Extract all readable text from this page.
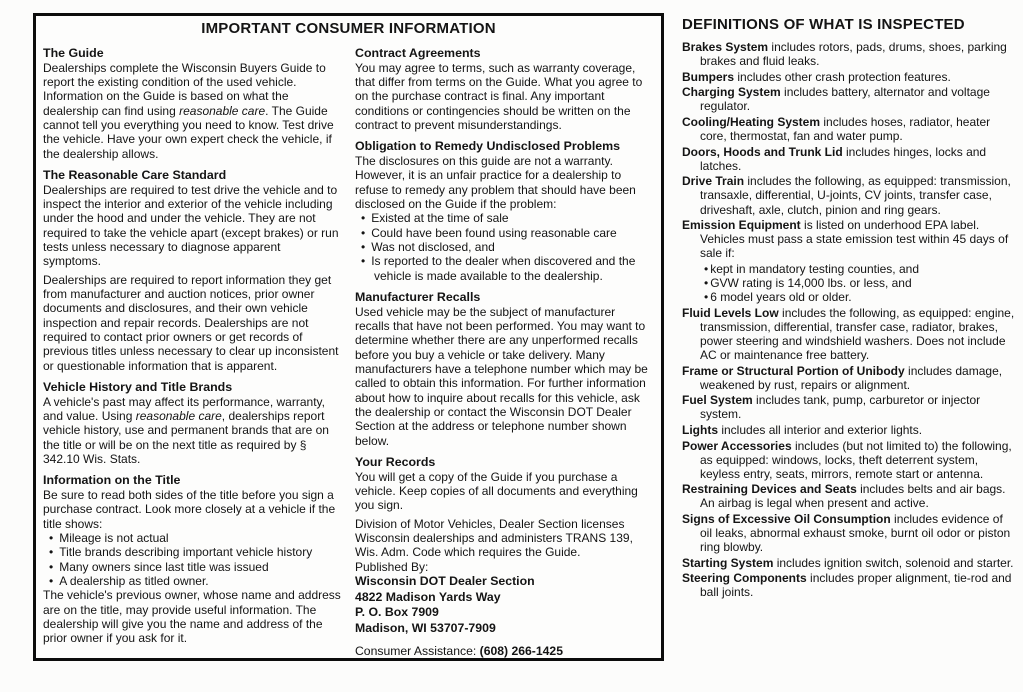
IMPORTANT CONSUMER INFORMATION
The Guide

Dealerships complete the Wisconsin Buyers Guide to report the existing condition of the used vehicle. Information on the Guide is based on what the dealership can find using reasonable care. The Guide cannot tell you everything you need to know. Test drive the vehicle. Have your own expert check the vehicle, if the dealership allows.

The Reasonable Care Standard

Dealerships are required to test drive the vehicle and to inspect the interior and exterior of the vehicle including under the hood and under the vehicle. They are not required to take the vehicle apart (except brakes) or run tests unless necessary to diagnose apparent symptoms.

Dealerships are required to report information they get from manufacturer and auction notices, prior owner documents and disclosures, and their own vehicle inspection and repair records. Dealerships are not required to contact prior owners or get records of previous titles unless necessary to clear up inconsistent or questionable information that is apparent.

Vehicle History and Title Brands

A vehicle's past may affect its performance, warranty, and value. Using reasonable care, dealerships report vehicle history, use and permanent brands that are on the title or will be on the next title as required by § 342.10 Wis. Stats.

Information on the Title

Be sure to read both sides of the title before you sign a purchase contract. Look more closely at a vehicle if the title shows:

• Mileage is not actual
• Title brands describing important vehicle history
• Many owners since last title was issued
• A dealership as titled owner.

The vehicle's previous owner, whose name and address are on the title, may provide useful information. The dealership will give you the name and address of the prior owner if you ask for it.

Contract Agreements

You may agree to terms, such as warranty coverage, that differ from terms on the Guide. What you agree to on the purchase contract is final. Any important conditions or contingencies should be written on the contract to prevent misunderstandings.

Obligation to Remedy Undisclosed Problems

The disclosures on this guide are not a warranty. However, it is an unfair practice for a dealership to refuse to remedy any problem that should have been disclosed on the Guide if the problem:

• Existed at the time of sale
• Could have been found using reasonable care
• Was not disclosed, and
• Is reported to the dealer when discovered and the vehicle is made available to the dealership.
Manufacturer Recalls

Used vehicle may be the subject of manufacturer recalls that have not been performed. You may want to determine whether there are any unperformed recalls before you buy a vehicle or take delivery. Many manufacturers have a telephone number which may be called to obtain this information. For further information about how to inquire about recalls for this vehicle, ask the dealership or contact the Wisconsin DOT Dealer Section at the address or telephone number shown below.

Your Records

You will get a copy of the Guide if you purchase a vehicle. Keep copies of all documents and everything you sign.

Division of Motor Vehicles, Dealer Section licenses Wisconsin dealerships and administers TRANS 139, Wis. Adm. Code which requires the Guide.

Published By:

Wisconsin DOT Dealer Section
4822 Madison Yards Way
P. O. Box 7909
Madison, WI 53707-7909

Consumer Assistance: (608) 266-1425

DEFINITIONS OF WHAT IS INSPECTED

Brakes System includes rotors, pads, drums, shoes, parking brakes and fluid leaks.

Bumpers includes other crash protection features.

Charging System includes battery, alternator and voltage regulator.

Cooling/Heating System includes hoses, radiator, heater core, thermostat, fan and water pump.

Doors, Hoods and Trunk Lid includes hinges, locks and latches.

Drive Train includes the following, as equipped: transmission, transaxle, differential, U-joints, CV joints, transfer case, driveshaft, axle, clutch, pinion and ring gears.

Emission Equipment is listed on underhood EPA label. Vehicles must pass a state emission test within 45 days of sale if:

• kept in mandatory testing counties, and
• GVW rating is 14,000 lbs. or less, and
• 6 model years old or older.

Fluid Levels Low includes the following, as equipped: engine, transmission, differential, transfer case, radiator, brakes, power steering and windshield washers. Does not include AC or maintenance free battery.

Frame or Structural Portion of Unibody includes damage, weakened by rust, repairs or alignment.

Fuel System includes tank, pump, carburetor or injector system.

Lights includes all interior and exterior lights.

Power Accessories includes (but not limited to) the following, as equipped: windows, locks, theft deterrent system, keyless entry, seats, mirrors, remote start or antenna.

Restraining Devices and Seats includes belts and air bags. An airbag is legal when present and active.

Signs of Excessive Oil Consumption includes evidence of oil leaks, abnormal exhaust smoke, burnt oil odor or piston ring blowby.

Starting System includes ignition switch, solenoid and starter.

Steering Components includes proper alignment, tie-rod and ball joints.
